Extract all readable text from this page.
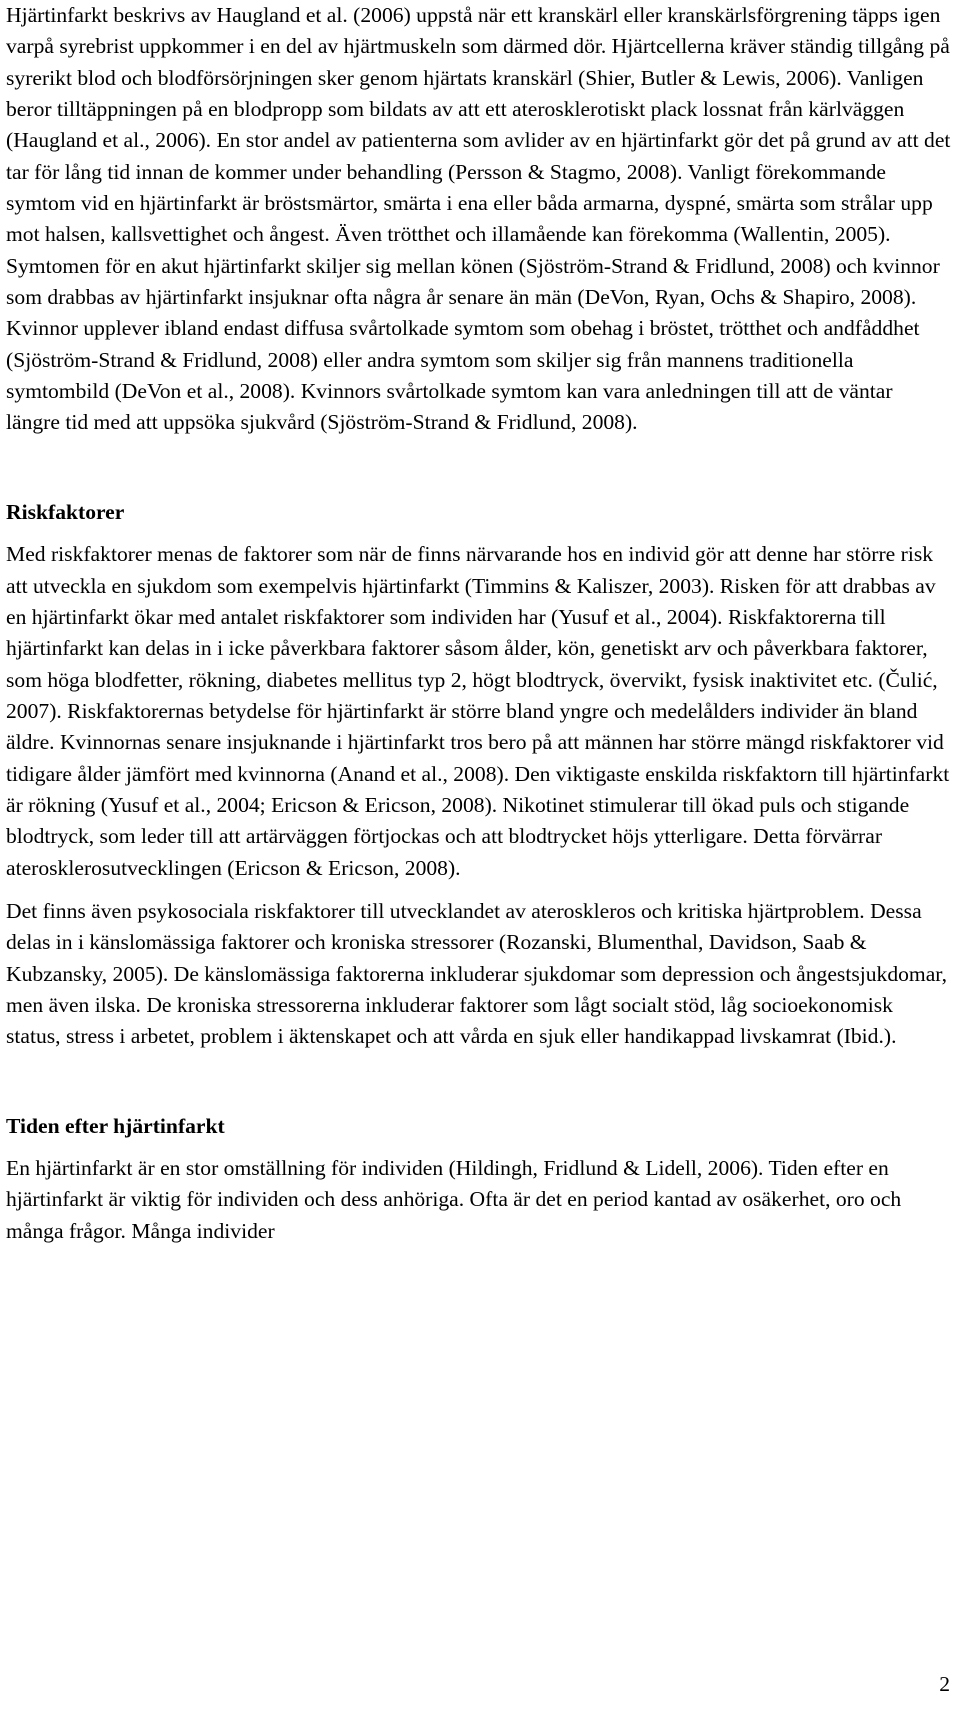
Hjärtinfarkt beskrivs av Haugland et al. (2006) uppstå när ett kranskärl eller kranskärlsförgrening täpps igen varpå syrebrist uppkommer i en del av hjärtmuskeln som därmed dör. Hjärtcellerna kräver ständig tillgång på syrerikt blod och blodförsörjningen sker genom hjärtats kranskärl (Shier, Butler & Lewis, 2006). Vanligen beror tilltäppningen på en blodpropp som bildats av att ett aterosklerotiskt plack lossnat från kärlväggen (Haugland et al., 2006). En stor andel av patienterna som avlider av en hjärtinfarkt gör det på grund av att det tar för lång tid innan de kommer under behandling (Persson & Stagmo, 2008). Vanligt förekommande symtom vid en hjärtinfarkt är bröstsmärtor, smärta i ena eller båda armarna, dyspné, smärta som strålar upp mot halsen, kallsvettighet och ångest. Även trötthet och illamående kan förekomma (Wallentin, 2005). Symtomen för en akut hjärtinfarkt skiljer sig mellan könen (Sjöström-Strand & Fridlund, 2008) och kvinnor som drabbas av hjärtinfarkt insjuknar ofta några år senare än män (DeVon, Ryan, Ochs & Shapiro, 2008). Kvinnor upplever ibland endast diffusa svårtolkade symtom som obehag i bröstet, trötthet och andfåddhet (Sjöström-Strand & Fridlund, 2008) eller andra symtom som skiljer sig från mannens traditionella symtombild (DeVon et al., 2008). Kvinnors svårtolkade symtom kan vara anledningen till att de väntar längre tid med att uppsöka sjukvård (Sjöström-Strand & Fridlund, 2008).

Riskfaktorer

Med riskfaktorer menas de faktorer som när de finns närvarande hos en individ gör att denne har större risk att utveckla en sjukdom som exempelvis hjärtinfarkt (Timmins & Kaliszer, 2003). Risken för att drabbas av en hjärtinfarkt ökar med antalet riskfaktorer som individen har (Yusuf et al., 2004). Riskfaktorerna till hjärtinfarkt kan delas in i icke påverkbara faktorer såsom ålder, kön, genetiskt arv och påverkbara faktorer, som höga blodfetter, rökning, diabetes mellitus typ 2, högt blodtryck, övervikt, fysisk inaktivitet etc. (Čulić, 2007). Riskfaktorernas betydelse för hjärtinfarkt är större bland yngre och medelålders individer än bland äldre. Kvinnornas senare insjuknande i hjärtinfarkt tros bero på att männen har större mängd riskfaktorer vid tidigare ålder jämfört med kvinnorna (Anand et al., 2008). Den viktigaste enskilda riskfaktorn till hjärtinfarkt är rökning (Yusuf et al., 2004; Ericson & Ericson, 2008). Nikotinet stimulerar till ökad puls och stigande blodtryck, som leder till att artärväggen förtjockas och att blodtrycket höjs ytterligare. Detta förvärrar aterosklerosutvecklingen (Ericson & Ericson, 2008).

Det finns även psykosociala riskfaktorer till utvecklandet av ateroskleros och kritiska hjärtproblem. Dessa delas in i känslomässiga faktorer och kroniska stressorer (Rozanski, Blumenthal, Davidson, Saab & Kubzansky, 2005). De känslomässiga faktorerna inkluderar sjukdomar som depression och ångestsjukdomar, men även ilska. De kroniska stressorerna inkluderar faktorer som lågt socialt stöd, låg socioekonomisk status, stress i arbetet, problem i äktenskapet och att vårda en sjuk eller handikappad livskamrat (Ibid.).

Tiden efter hjärtinfarkt

En hjärtinfarkt är en stor omställning för individen (Hildingh, Fridlund & Lidell, 2006). Tiden efter en hjärtinfarkt är viktig för individen och dess anhöriga. Ofta är det en period kantad av osäkerhet, oro och många frågor. Många individer

2
